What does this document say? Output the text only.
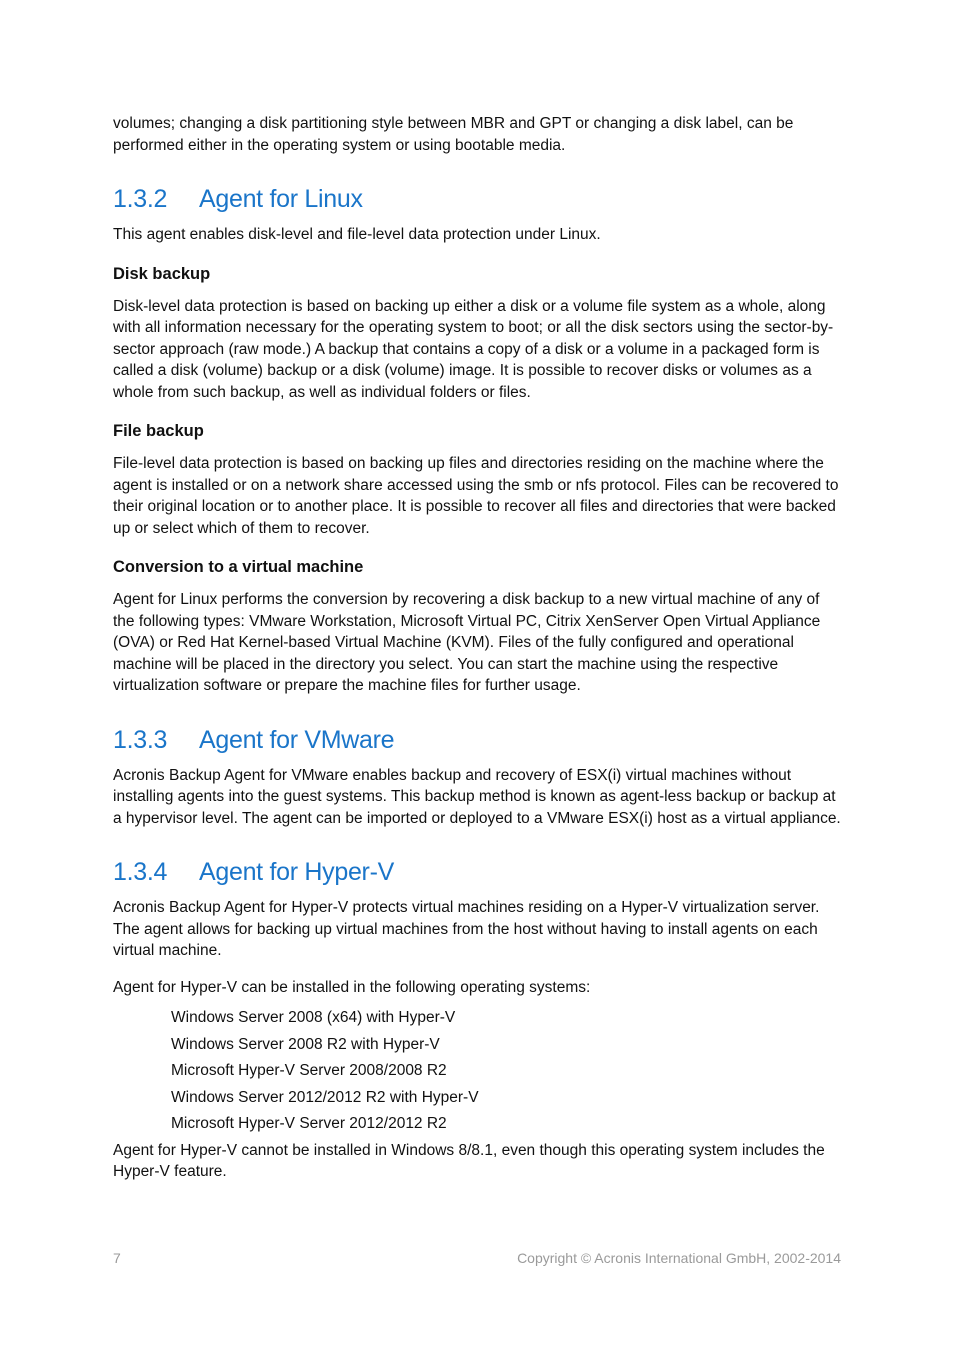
volumes; changing a disk partitioning style between MBR and GPT or changing a disk label, can be performed either in the operating system or using bootable media.

1.3.2	Agent for Linux

This agent enables disk-level and file-level data protection under Linux.

Disk backup

Disk-level data protection is based on backing up either a disk or a volume file system as a whole, along with all information necessary for the operating system to boot; or all the disk sectors using the sector-by-sector approach (raw mode.) A backup that contains a copy of a disk or a volume in a packaged form is called a disk (volume) backup or a disk (volume) image. It is possible to recover disks or volumes as a whole from such backup, as well as individual folders or files.

File backup

File-level data protection is based on backing up files and directories residing on the machine where the agent is installed or on a network share accessed using the smb or nfs protocol. Files can be recovered to their original location or to another place. It is possible to recover all files and directories that were backed up or select which of them to recover.

Conversion to a virtual machine

Agent for Linux performs the conversion by recovering a disk backup to a new virtual machine of any of the following types: VMware Workstation, Microsoft Virtual PC, Citrix XenServer Open Virtual Appliance (OVA) or Red Hat Kernel-based Virtual Machine (KVM). Files of the fully configured and operational machine will be placed in the directory you select. You can start the machine using the respective virtualization software or prepare the machine files for further usage.

1.3.3	Agent for VMware

Acronis Backup Agent for VMware enables backup and recovery of ESX(i) virtual machines without installing agents into the guest systems. This backup method is known as agent-less backup or backup at a hypervisor level. The agent can be imported or deployed to a VMware ESX(i) host as a virtual appliance.

1.3.4	Agent for Hyper-V

Acronis Backup Agent for Hyper-V protects virtual machines residing on a Hyper-V virtualization server. The agent allows for backing up virtual machines from the host without having to install agents on each virtual machine.

Agent for Hyper-V can be installed in the following operating systems:

Windows Server 2008 (x64) with Hyper-V
Windows Server 2008 R2 with Hyper-V
Microsoft Hyper-V Server 2008/2008 R2
Windows Server 2012/2012 R2 with Hyper-V
Microsoft Hyper-V Server 2012/2012 R2

Agent for Hyper-V cannot be installed in Windows 8/8.1, even though this operating system includes the Hyper-V feature.

7	Copyright © Acronis International GmbH, 2002-2014
